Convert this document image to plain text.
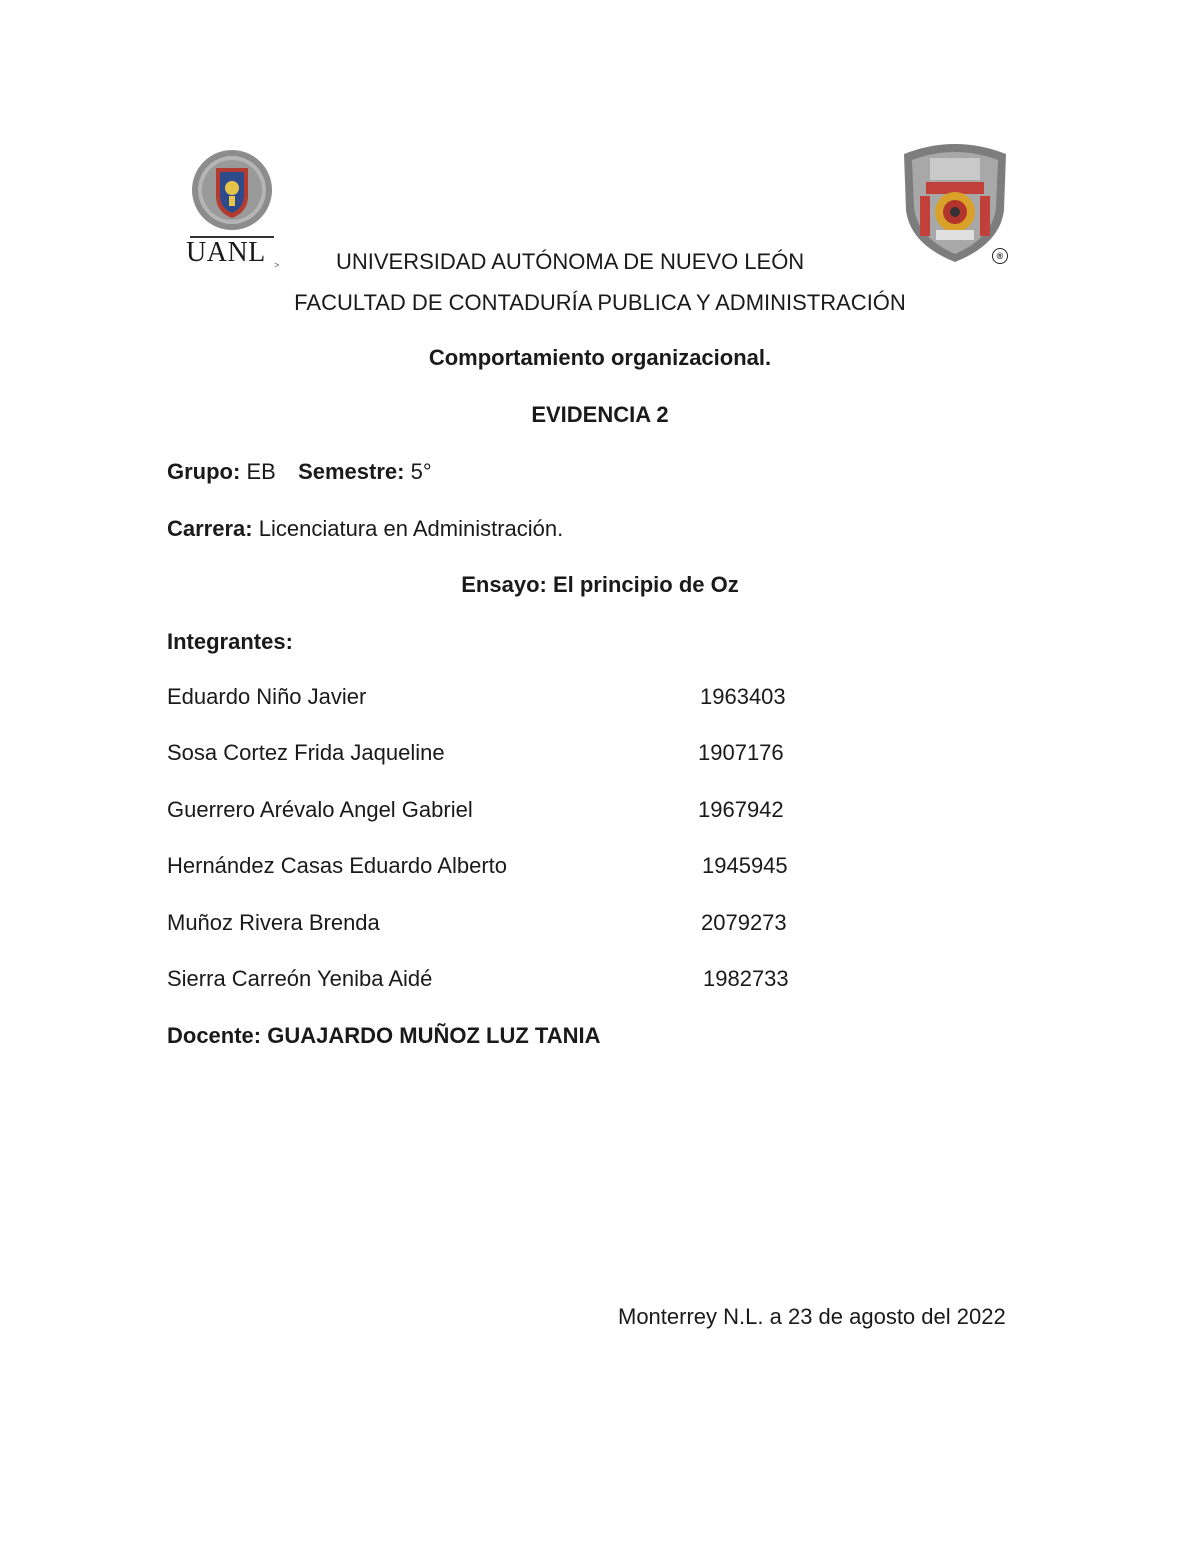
UANL >
®
UNIVERSIDAD AUTÓNOMA DE NUEVO LEÓN
FACULTAD DE CONTADURÍA PUBLICA Y ADMINISTRACIÓN
Comportamiento organizacional.
EVIDENCIA 2
Grupo: EB Semestre: 5°
Carrera: Licenciatura en Administración.
Ensayo: El principio de Oz
Integrantes:
Eduardo Niño Javier	1963403
Sosa Cortez Frida Jaqueline	1907176
Guerrero Arévalo Angel Gabriel	1967942
Hernández Casas Eduardo Alberto	1945945
Muñoz Rivera Brenda	2079273
Sierra Carreón Yeniba Aidé	1982733
Docente: GUAJARDO MUÑOZ LUZ TANIA
Monterrey N.L. a 23 de agosto del 2022
